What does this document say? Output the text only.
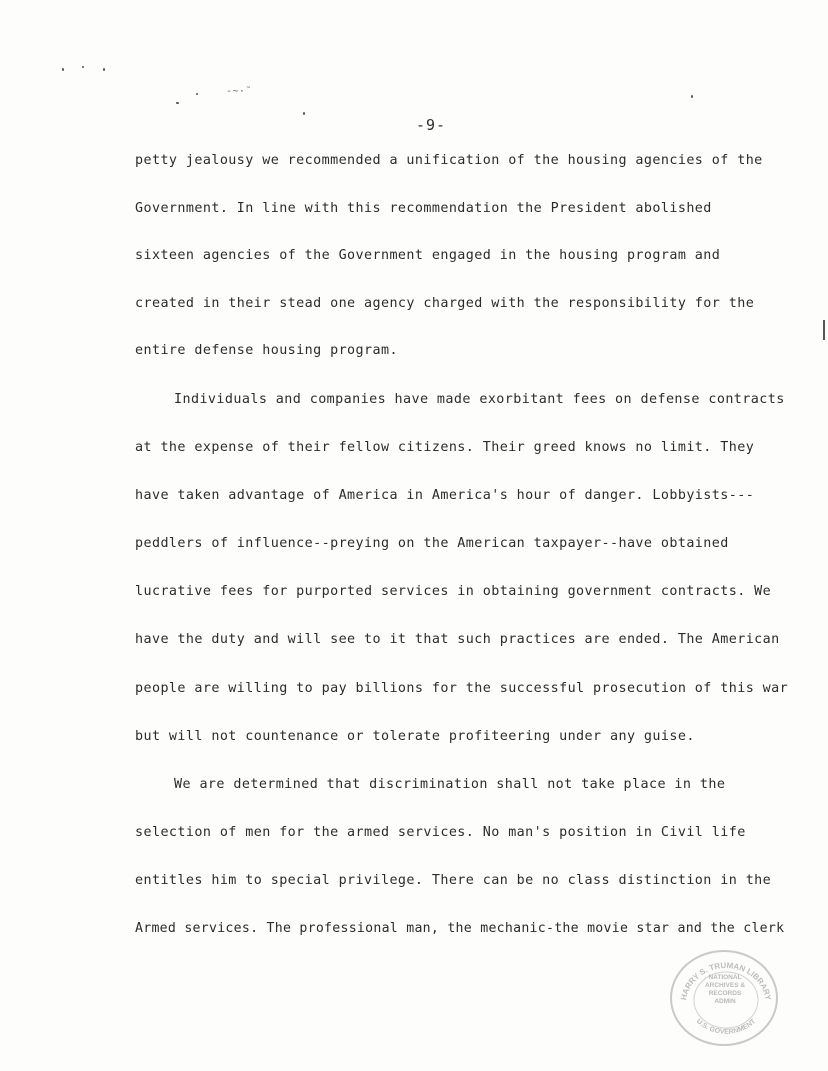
-~·˜
-9-
petty jealousy we recommended a unification of the housing agencies of the
Government. In line with this recommendation the President abolished
sixteen agencies of the Government engaged in the housing program and
created in their stead one agency charged with the responsibility for the
entire defense housing program.
Individuals and companies have made exorbitant fees on defense contracts
at the expense of their fellow citizens. Their greed knows no limit. They
have taken advantage of America in America's hour of danger. Lobbyists---
peddlers of influence--preying on the American taxpayer--have obtained
lucrative fees for purported services in obtaining government contracts. We
have the duty and will see to it that such practices are ended. The American
people are willing to pay billions for the successful prosecution of this war
but will not countenance or tolerate profiteering under any guise.
We are determined that discrimination shall not take place in the
selection of men for the armed services. No man's position in Civil life
entitles him to special privilege. There can be no class distinction in the
Armed services. The professional man, the mechanic-the movie star and the clerk
HARRY S. TRUMAN LIBRARY
U.S. GOVERNMENT
NATIONAL
ARCHIVES &
RECORDS
ADMIN
